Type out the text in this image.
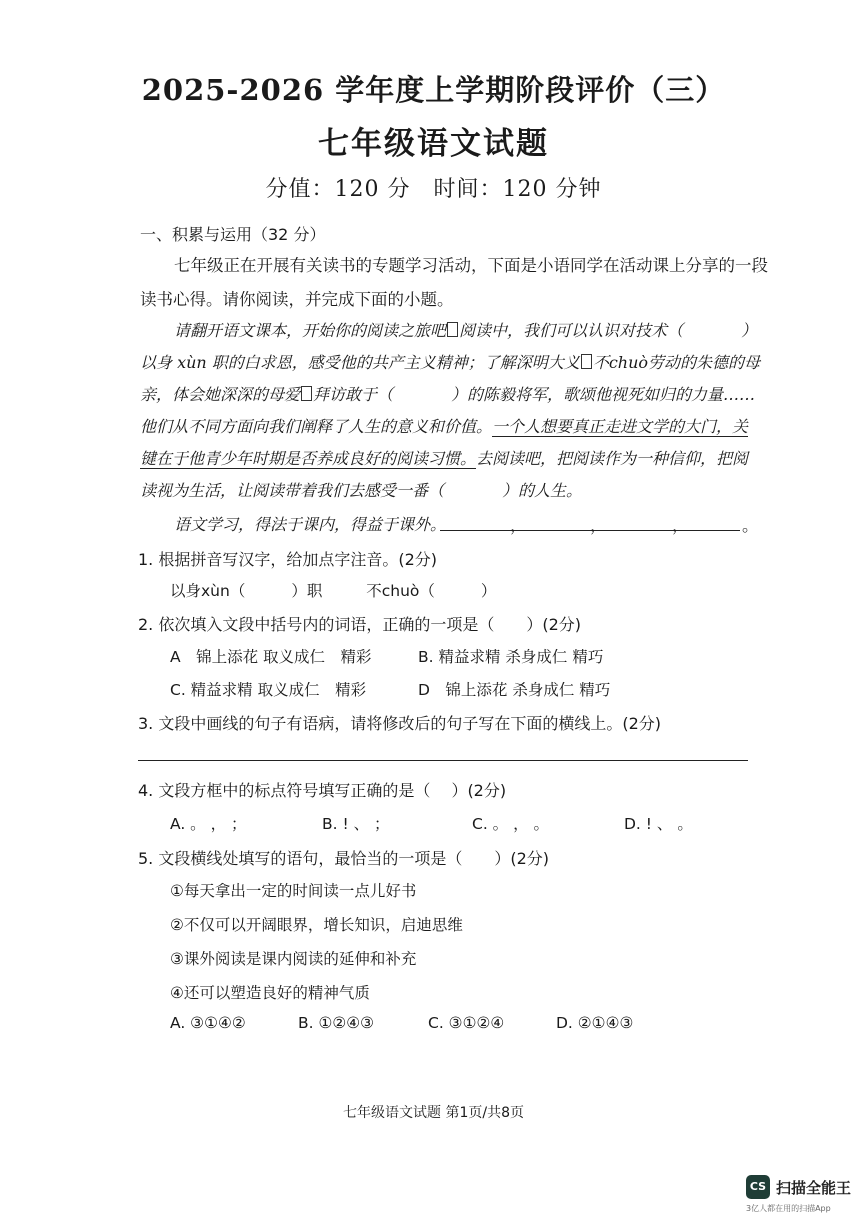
2025-2026 学年度上学期阶段评价（三）
七年级语文试题
分值：120 分　时间：120 分钟
一、积累与运用（32 分）
七年级正在开展有关读书的专题学习活动，下面是小语同学在活动课上分享的一段
读书心得。请你阅读，并完成下面的小题。
请翻开语文课本，开始你的阅读之旅吧 阅读中，我们可以认识对技术（	）
以身 xùn 职的白求恩，感受他的共产主义精神；了解深明大义 不chuò劳动的朱德的母
亲，体会她深深的母爱 拜访敢于（	）的陈毅将军，歌颂他视死如归的力量……
他们从不同方面向我们阐释了人生的意义和价值。一个人想要真正走进文学的大门，关
键在于他青少年时期是否养成良好的阅读习惯。去阅读吧，把阅读作为一种信仰，把阅
读视为生活，让阅读带着我们去感受一番（	）的人生。
语文学习，得法于课内，得益于课外。	，	，	，	。
1. 根据拼音写汉字，给加点字注音。(2分)
以身xùn（	）职	不chuò（	）
2. 依次填入文段中括号内的词语，正确的一项是（　　）(2分)
A　锦上添花 取义成仁　精彩	B. 精益求精 杀身成仁 精巧
C. 精益求精 取义成仁　精彩	D　锦上添花 杀身成仁 精巧
3. 文段中画线的句子有语病，请将修改后的句子写在下面的横线上。(2分)
4. 文段方框中的标点符号填写正确的是（　 ）(2分)
A. 。 ， ；	B. ! 、 ；	C. 。 ， 。	D. ! 、 。
5. 文段横线处填写的语句，最恰当的一项是（　　）(2分)
①每天拿出一定的时间读一点儿好书
②不仅可以开阔眼界，增长知识，启迪思维
③课外阅读是课内阅读的延伸和补充
④还可以塑造良好的精神气质
A. ③①④②	B. ①②④③	C. ③①②④	D. ②①④③
七年级语文试题 第1页/共8页
CS 扫描全能王
3亿人都在用的扫描App
